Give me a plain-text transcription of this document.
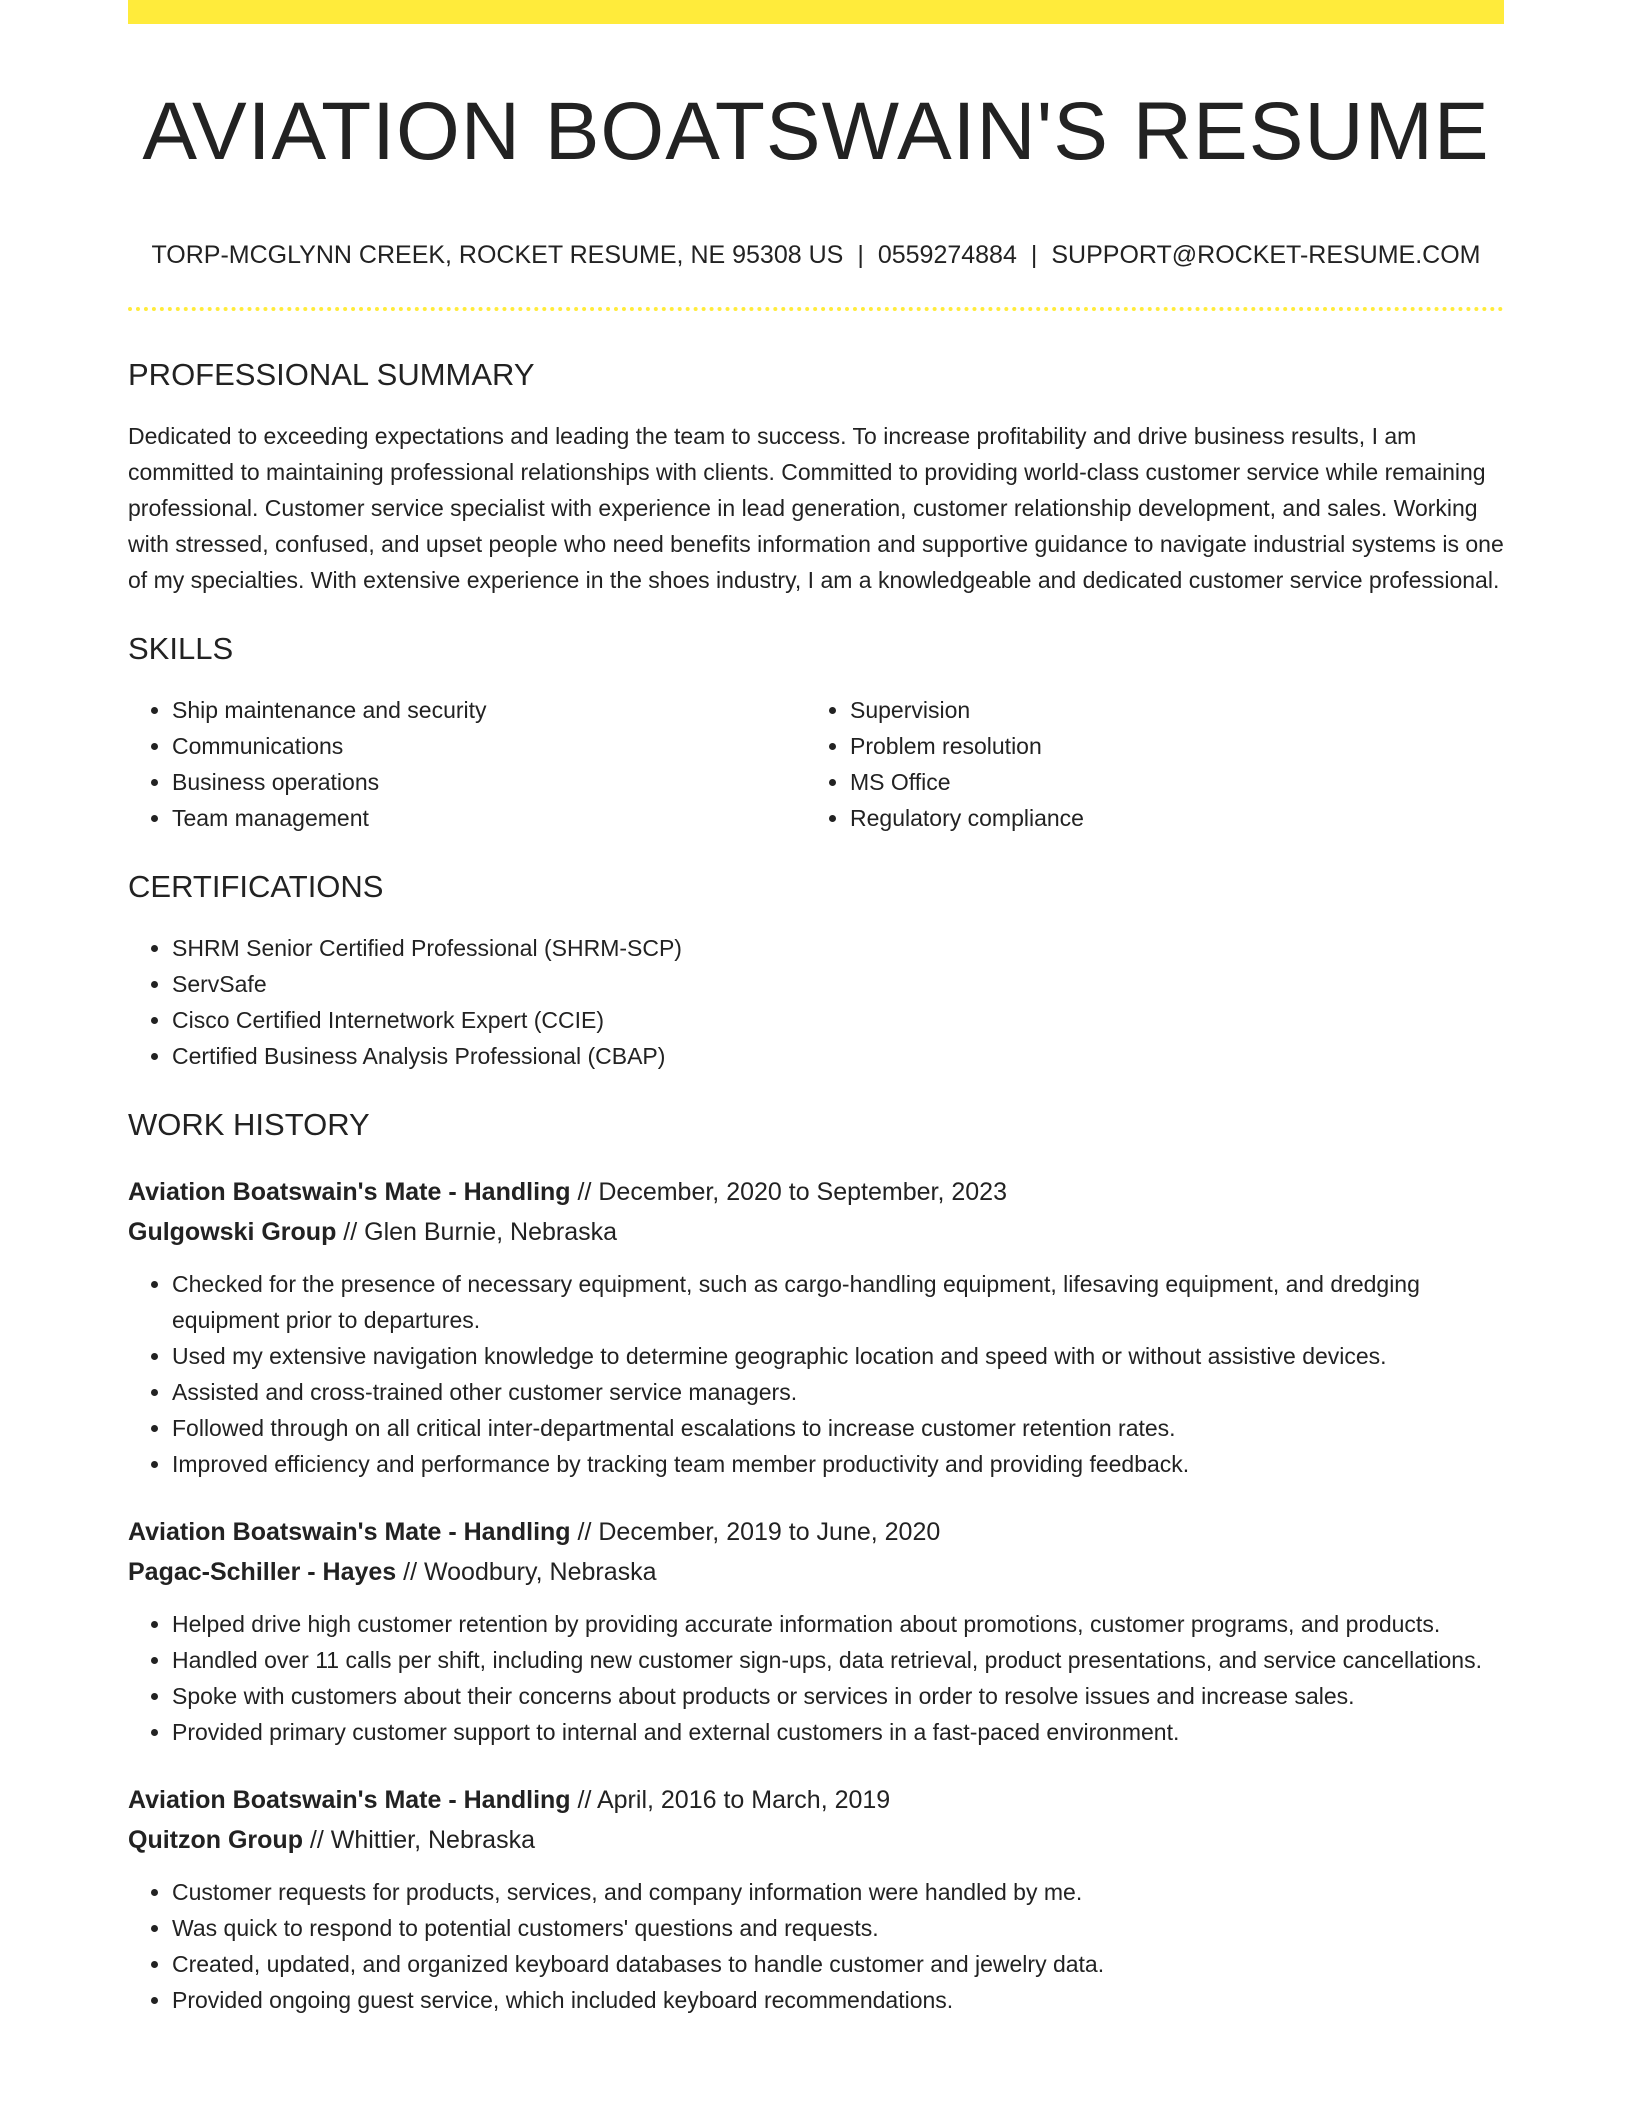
AVIATION BOATSWAIN'S RESUME
TORP-MCGLYNN CREEK, ROCKET RESUME, NE 95308 US | 0559274884 | SUPPORT@ROCKET-RESUME.COM
PROFESSIONAL SUMMARY

Dedicated to exceeding expectations and leading the team to success. To increase profitability and drive business results, I am committed to maintaining professional relationships with clients. Committed to providing world-class customer service while remaining professional. Customer service specialist with experience in lead generation, customer relationship development, and sales. Working with stressed, confused, and upset people who need benefits information and supportive guidance to navigate industrial systems is one of my specialties. With extensive experience in the shoes industry, I am a knowledgeable and dedicated customer service professional.

SKILLS
• Ship maintenance and security
• Communications
• Business operations
• Team management
• Supervision
• Problem resolution
• MS Office
• Regulatory compliance
CERTIFICATIONS
• SHRM Senior Certified Professional (SHRM-SCP)
• ServSafe
• Cisco Certified Internetwork Expert (CCIE)
• Certified Business Analysis Professional (CBAP)
WORK HISTORY
Aviation Boatswain's Mate - Handling // December, 2020 to September, 2023
Gulgowski Group // Glen Burnie, Nebraska
• Checked for the presence of necessary equipment, such as cargo-handling equipment, lifesaving equipment, and dredging equipment prior to departures.
• Used my extensive navigation knowledge to determine geographic location and speed with or without assistive devices.
• Assisted and cross-trained other customer service managers.
• Followed through on all critical inter-departmental escalations to increase customer retention rates.
• Improved efficiency and performance by tracking team member productivity and providing feedback.
Aviation Boatswain's Mate - Handling // December, 2019 to June, 2020
Pagac-Schiller - Hayes // Woodbury, Nebraska
• Helped drive high customer retention by providing accurate information about promotions, customer programs, and products.
• Handled over 11 calls per shift, including new customer sign-ups, data retrieval, product presentations, and service cancellations.
• Spoke with customers about their concerns about products or services in order to resolve issues and increase sales.
• Provided primary customer support to internal and external customers in a fast-paced environment.
Aviation Boatswain's Mate - Handling // April, 2016 to March, 2019
Quitzon Group // Whittier, Nebraska
• Customer requests for products, services, and company information were handled by me.
• Was quick to respond to potential customers' questions and requests.
• Created, updated, and organized keyboard databases to handle customer and jewelry data.
• Provided ongoing guest service, which included keyboard recommendations.
